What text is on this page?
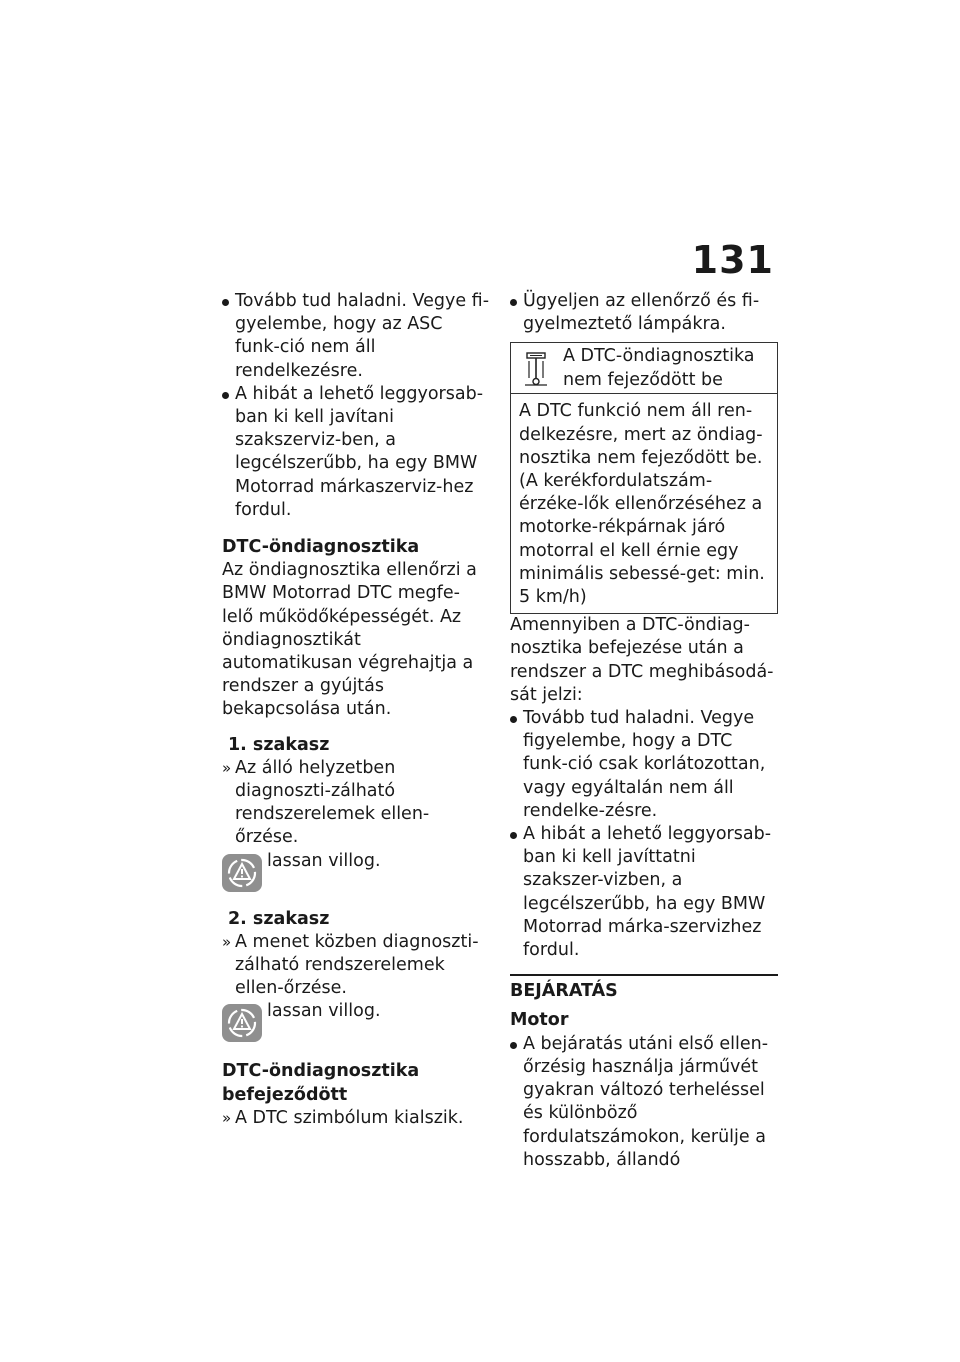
131
Tovább tud haladni. Vegye fi-gyelembe, hogy az ASC funk-ció nem áll rendelkezésre.
A hibát a lehető leggyorsab-ban ki kell javítani szakszerviz-ben, a legcélszerűbb, ha egy BMW Motorrad márkaszerviz-hez fordul.
DTC-öndiagnosztika
Az öndiagnosztika ellenőrzi a BMW Motorrad DTC megfe-lelő működőképességét. Az öndiagnosztikát automatikusan végrehajtja a rendszer a gyújtás bekapcsolása után.
1. szakasz
» Az álló helyzetben diagnoszti-zálható rendszerelemek ellen-őrzése.
lassan villog.
2. szakasz
» A menet közben diagnoszti-zálható rendszerelemek ellen-őrzése.
lassan villog.
DTC-öndiagnosztika befejeződött
» A DTC szimbólum kialszik.
Ügyeljen az ellenőrző és fi-gyelmeztető lámpákra.
A DTC-öndiagnosztika nem fejeződött be
A DTC funkció nem áll ren-delkezésre, mert az öndiag-nosztika nem fejeződött be. (A kerékfordulatszám-érzéke-lők ellenőrzéséhez a motorke-rékpárnak járó motorral el kell érnie egy minimális sebessé-get: min. 5 km/h)
Amennyiben a DTC-öndiag-nosztika befejezése után a rendszer a DTC meghibásodá-sát jelzi:
Tovább tud haladni. Vegye figyelembe, hogy a DTC funk-ció csak korlátozottan, vagy egyáltalán nem áll rendelke-zésre.
A hibát a lehető leggyorsab-ban ki kell javíttatni szakszer-vizben, a legcélszerűbb, ha egy BMW Motorrad márka-szervizhez fordul.
BEJÁRATÁS
Motor
A bejáratás utáni első ellen-őrzésig használja járművét gyakran változó terheléssel és különböző fordulatszámokon, kerülje a hosszabb, állandó
